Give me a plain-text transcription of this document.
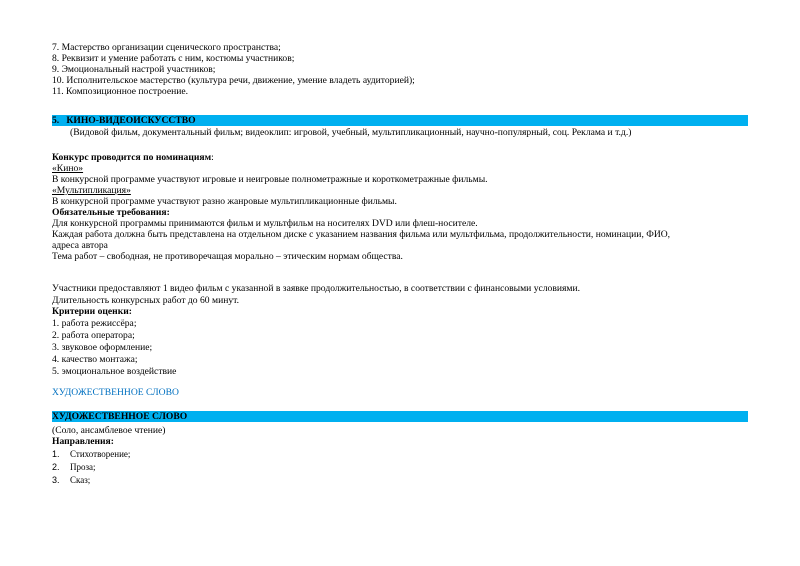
7. Мастерство организации сценического пространства;
8. Реквизит и умение работать с ним, костюмы участников;
9. Эмоциональный настрой участников;
10. Исполнительское мастерство (культура речи, движение, умение владеть аудиторией);
11. Композиционное построение.
5. КИНО-ВИДЕОИСКУССТВО
(Видовой фильм, документальный фильм; видеоклип: игровой, учебный, мультипликационный, научно-популярный, соц. Реклама и т.д.)
Конкурс проводится по номинациям:
«Кино»
В конкурсной программе участвуют игровые и неигровые полнометражные и короткометражные фильмы.
«Мультипликация»
В конкурсной программе участвуют разно жанровые мультипликационные фильмы.
Обязательные требования:
Для конкурсной программы принимаются фильм и мультфильм на носителях DVD или флеш-носителе.
Каждая работа должна быть представлена на отдельном диске с указанием названия фильма или мультфильма, продолжительности, номинации, ФИО,
адреса автора
Тема работ – свободная, не противоречащая морально – этическим нормам общества.
Участники предоставляют 1 видео фильм с указанной в заявке продолжительностью, в соответствии с финансовыми условиями.
Длительность конкурсных работ до 60 минут.
Критерии оценки:
1. работа режиссёра;
2. работа оператора;
3. звуковое оформление;
4. качество монтажа;
5. эмоциональное воздействие
ХУДОЖЕСТВЕННОЕ СЛОВО
ХУДОЖЕСТВЕННОЕ СЛОВО
(Соло, ансамблевое чтение)
Направления:
1. Стихотворение;
2. Проза;
3. Сказ;
